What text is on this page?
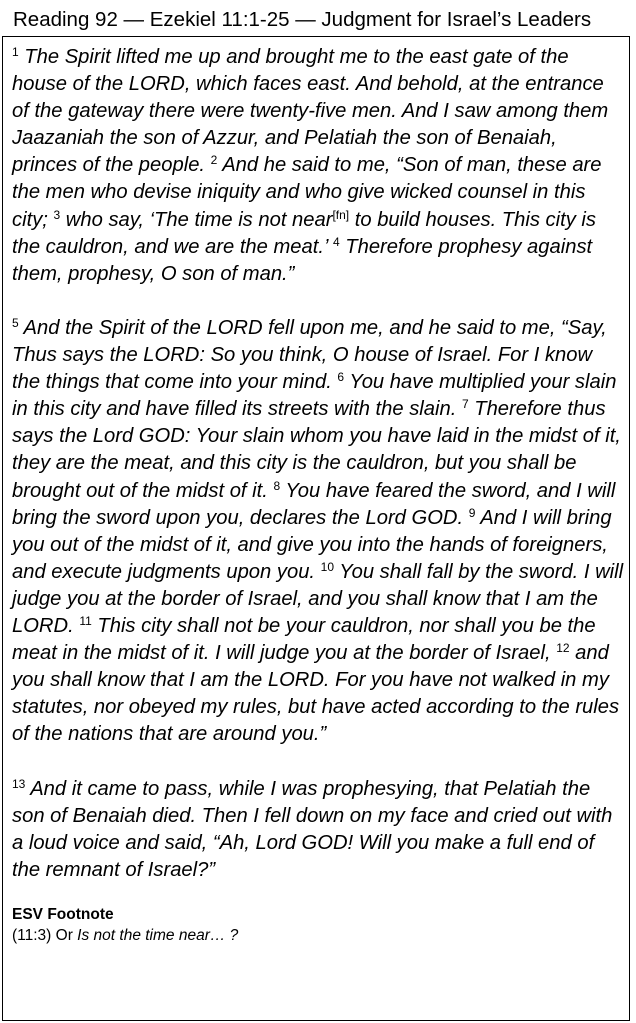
Reading 92 — Ezekiel 11:1-25 — Judgment for Israel’s Leaders

$^1$ The Spirit lifted me up and brought me to the east gate of the house of the LORD, which faces east. And behold, at the entrance of the gateway there were twenty-five men. And I saw among them Jaazaniah the son of Azzur, and Pelatiah the son of Benaiah, princes of the people. $^2$ And he said to me, “Son of man, these are the men who devise iniquity and who give wicked counsel in this city; $^3$ who say, ‘The time is not near[fn] to build houses. This city is the cauldron, and we are the meat.’ $^4$ Therefore prophesy against them, prophesy, O son of man.”

$^5$ And the Spirit of the LORD fell upon me, and he said to me, “Say, Thus says the LORD: So you think, O house of Israel. For I know the things that come into your mind. $^6$ You have multiplied your slain in this city and have filled its streets with the slain. $^7$ Therefore thus says the Lord GOD: Your slain whom you have laid in the midst of it, they are the meat, and this city is the cauldron, but you shall be brought out of the midst of it. $^8$ You have feared the sword, and I will bring the sword upon you, declares the Lord GOD. $^9$ And I will bring you out of the midst of it, and give you into the hands of foreigners, and execute judgments upon you. $^{10}$ You shall fall by the sword. I will judge you at the border of Israel, and you shall know that I am the LORD. $^{11}$ This city shall not be your cauldron, nor shall you be the meat in the midst of it. I will judge you at the border of Israel, $^{12}$ and you shall know that I am the LORD. For you have not walked in my statutes, nor obeyed my rules, but have acted according to the rules of the nations that are around you.”

$^{13}$ And it came to pass, while I was prophesying, that Pelatiah the son of Benaiah died. Then I fell down on my face and cried out with a loud voice and said, “Ah, Lord GOD! Will you make a full end of the remnant of Israel?”

ESV Footnote
(11:3) Or Is not the time near… ?
